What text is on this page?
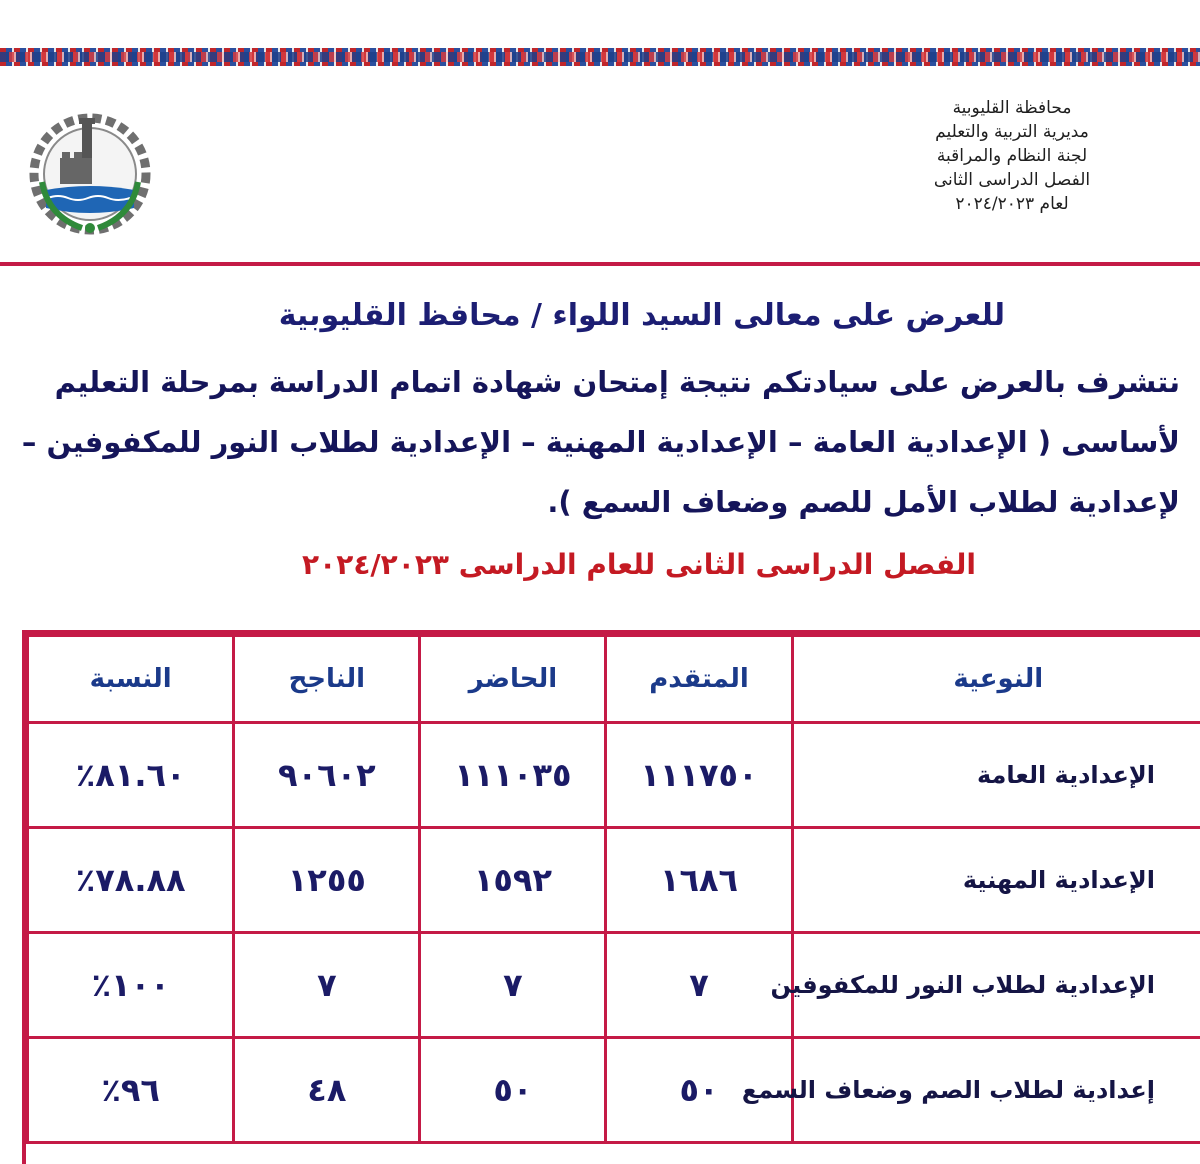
محافظة القليوبية
مديرية التربية والتعليم
لجنة النظام والمراقبة
الفصل الدراسى الثانى
لعام ٢٠٢٤/٢٠٢٣
للعرض على معالى السيد اللواء / محافظ القليوبية
نتشرف بالعرض على سيادتكم نتيجة إمتحان شهادة اتمام الدراسة بمرحلة التعليم
لأساسى ( الإعدادية العامة – الإعدادية المهنية – الإعدادية لطلاب النور للمكفوفين –
لإعدادية لطلاب الأمل للصم وضعاف السمع ).
الفصل الدراسى الثانى للعام الدراسى ٢٠٢٤/٢٠٢٣
النوعية	المتقدم	الحاضر	الناجح	النسبة
الإعدادية العامة	١١١٧٥٠	١١١٠٣٥	٩٠٦٠٢	٨١.٦٠٪
الإعدادية المهنية	١٦٨٦	١٥٩٢	١٢٥٥	٧٨.٨٨٪
الإعدادية لطلاب النور للمكفوفين	٧	٧	٧	١٠٠٪
إعدادية لطلاب الصم وضعاف السمع	٥٠	٥٠	٤٨	٩٦٪
